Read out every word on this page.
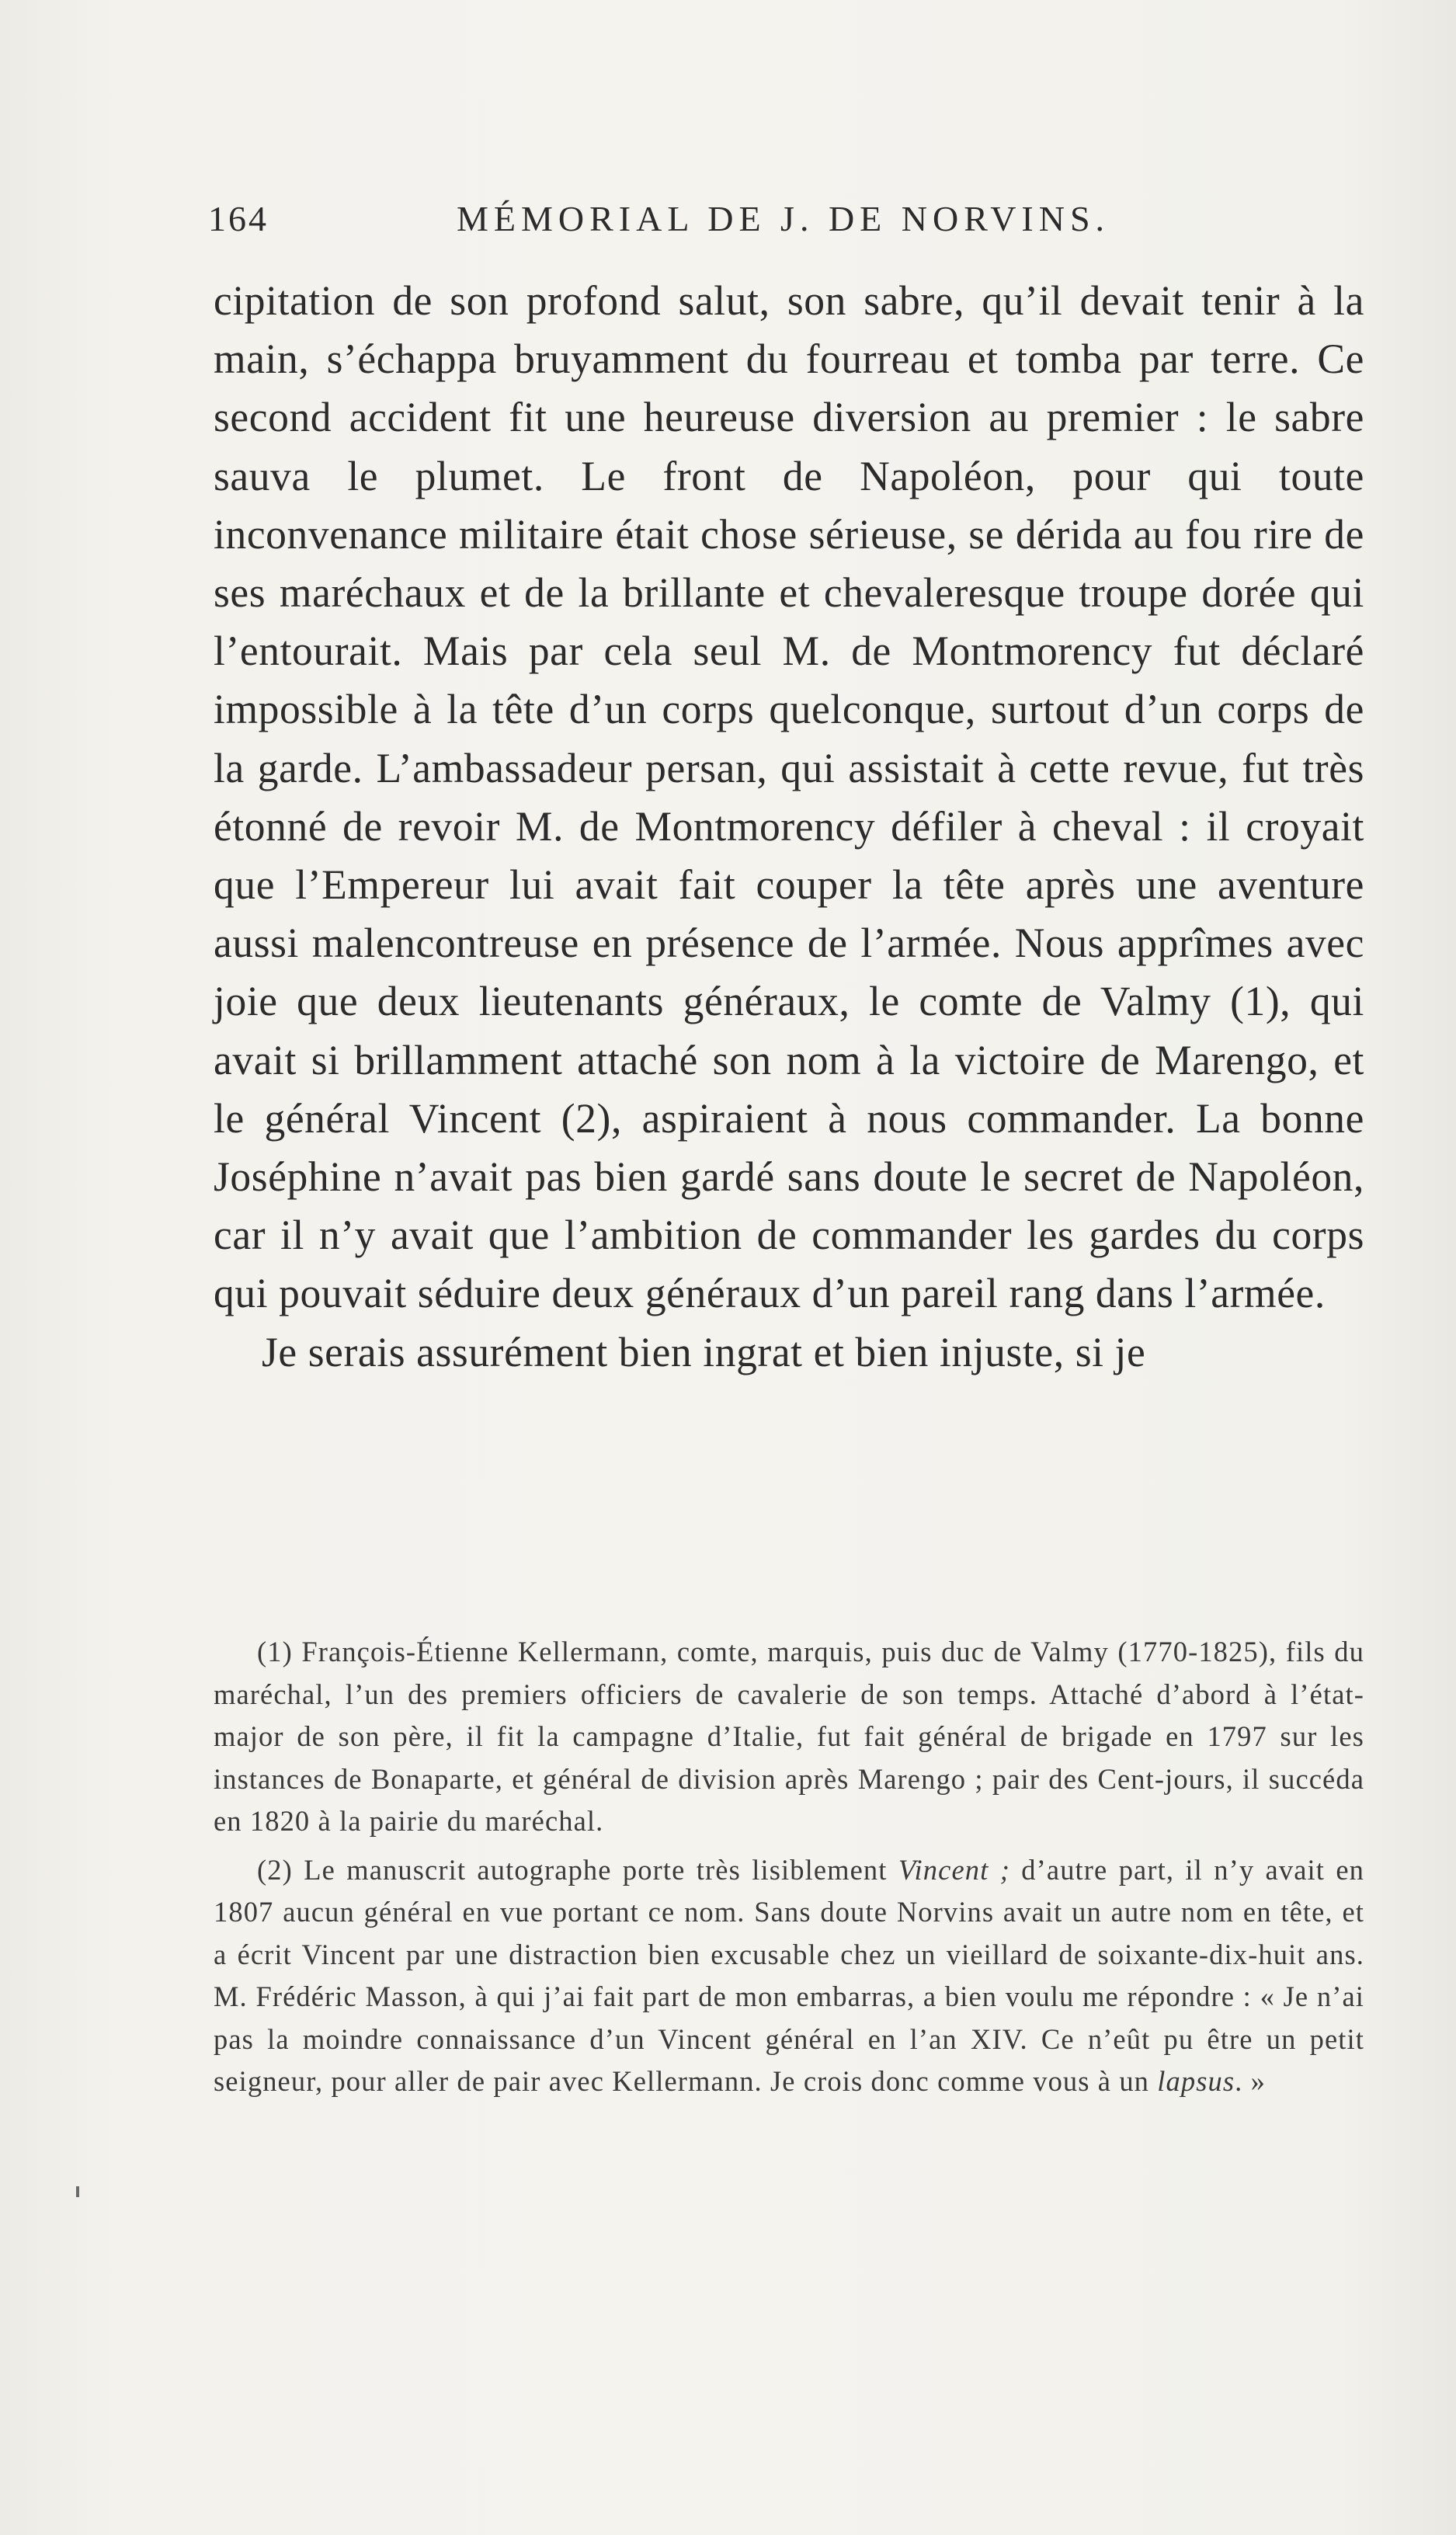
164	MÉMORIAL DE J. DE NORVINS.

cipitation de son profond salut, son sabre, qu’il devait tenir à la main, s’échappa bruyamment du fourreau et tomba par terre. Ce second accident fit une heureuse diversion au premier : le sabre sauva le plumet. Le front de Napoléon, pour qui toute inconvenance militaire était chose sérieuse, se dérida au fou rire de ses maréchaux et de la brillante et chevaleresque troupe dorée qui l’entourait. Mais par cela seul M. de Montmorency fut déclaré impossible à la tête d’un corps quelconque, surtout d’un corps de la garde. L’ambassadeur persan, qui assistait à cette revue, fut très étonné de revoir M. de Montmorency défiler à cheval : il croyait que l’Empereur lui avait fait couper la tête après une aventure aussi malencontreuse en présence de l’armée. Nous apprîmes avec joie que deux lieutenants généraux, le comte de Valmy (1), qui avait si brillamment attaché son nom à la victoire de Marengo, et le général Vincent (2), aspiraient à nous commander. La bonne Joséphine n’avait pas bien gardé sans doute le secret de Napoléon, car il n’y avait que l’ambition de commander les gardes du corps qui pouvait séduire deux généraux d’un pareil rang dans l’armée.

Je serais assurément bien ingrat et bien injuste, si je

(1) François-Étienne Kellermann, comte, marquis, puis duc de Valmy (1770-1825), fils du maréchal, l’un des premiers officiers de cavalerie de son temps. Attaché d’abord à l’état-major de son père, il fit la campagne d’Italie, fut fait général de brigade en 1797 sur les instances de Bonaparte, et général de division après Marengo ; pair des Cent-jours, il succéda en 1820 à la pairie du maréchal.

(2) Le manuscrit autographe porte très lisiblement Vincent ; d’autre part, il n’y avait en 1807 aucun général en vue portant ce nom. Sans doute Norvins avait un autre nom en tête, et a écrit Vincent par une distraction bien excusable chez un vieillard de soixante-dix-huit ans. M. Frédéric Masson, à qui j’ai fait part de mon embarras, a bien voulu me répondre : « Je n’ai pas la moindre connaissance d’un Vincent général en l’an XIV. Ce n’eût pu être un petit seigneur, pour aller de pair avec Kellermann. Je crois donc comme vous à un lapsus. »
